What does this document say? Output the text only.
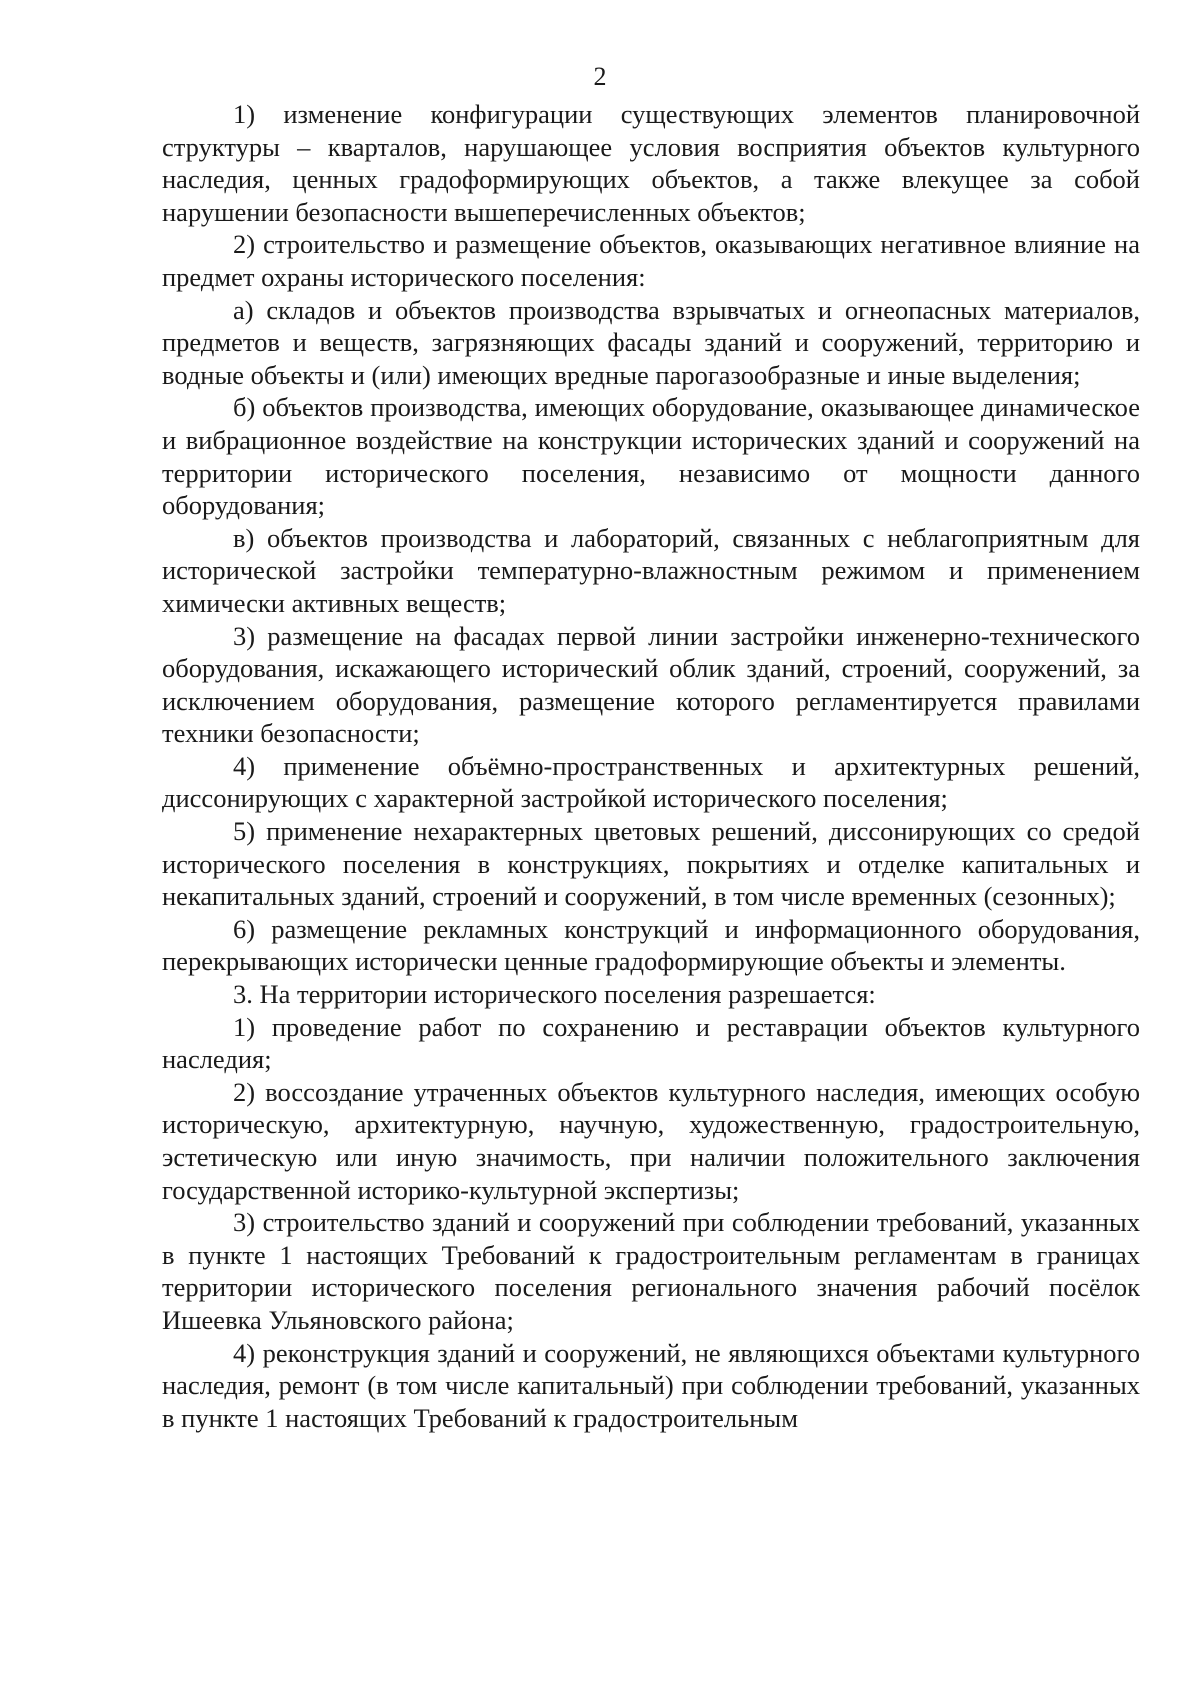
2

1) изменение конфигурации существующих элементов планировочной структуры – кварталов, нарушающее условия восприятия объектов культурного наследия, ценных градоформирующих объектов, а также влекущее за собой нарушении безопасности вышеперечисленных объектов;

2) строительство и размещение объектов, оказывающих негативное влияние на предмет охраны исторического поселения:

а) складов и объектов производства взрывчатых и огнеопасных материалов, предметов и веществ, загрязняющих фасады зданий и сооружений, территорию и водные объекты и (или) имеющих вредные парогазообразные и иные выделения;

б) объектов производства, имеющих оборудование, оказывающее динамическое и вибрационное воздействие на конструкции исторических зданий и сооружений на территории исторического поселения, независимо от мощности данного оборудования;

в) объектов производства и лабораторий, связанных с неблагоприятным для исторической застройки температурно-влажностным режимом и применением химически активных веществ;

3) размещение на фасадах первой линии застройки инженерно-технического оборудования, искажающего исторический облик зданий, строений, сооружений, за исключением оборудования, размещение которого регламентируется правилами техники безопасности;

4) применение объёмно-пространственных и архитектурных решений, диссонирующих с характерной застройкой исторического поселения;

5) применение нехарактерных цветовых решений, диссонирующих со средой исторического поселения в конструкциях, покрытиях и отделке капитальных и некапитальных зданий, строений и сооружений, в том числе временных (сезонных);

6) размещение рекламных конструкций и информационного оборудования, перекрывающих исторически ценные градоформирующие объекты и элементы.

3. На территории исторического поселения разрешается:

1) проведение работ по сохранению и реставрации объектов культурного наследия;

2) воссоздание утраченных объектов культурного наследия, имеющих особую историческую, архитектурную, научную, художественную, градостроительную, эстетическую или иную значимость, при наличии положительного заключения государственной историко-культурной экспертизы;

3) строительство зданий и сооружений при соблюдении требований, указанных в пункте 1 настоящих Требований к градостроительным регламентам в границах территории исторического поселения регионального значения рабочий посёлок Ишеевка Ульяновского района;

4) реконструкция зданий и сооружений, не являющихся объектами культурного наследия, ремонт (в том числе капитальный) при соблюдении требований, указанных в пункте 1 настоящих Требований к градостроительным
